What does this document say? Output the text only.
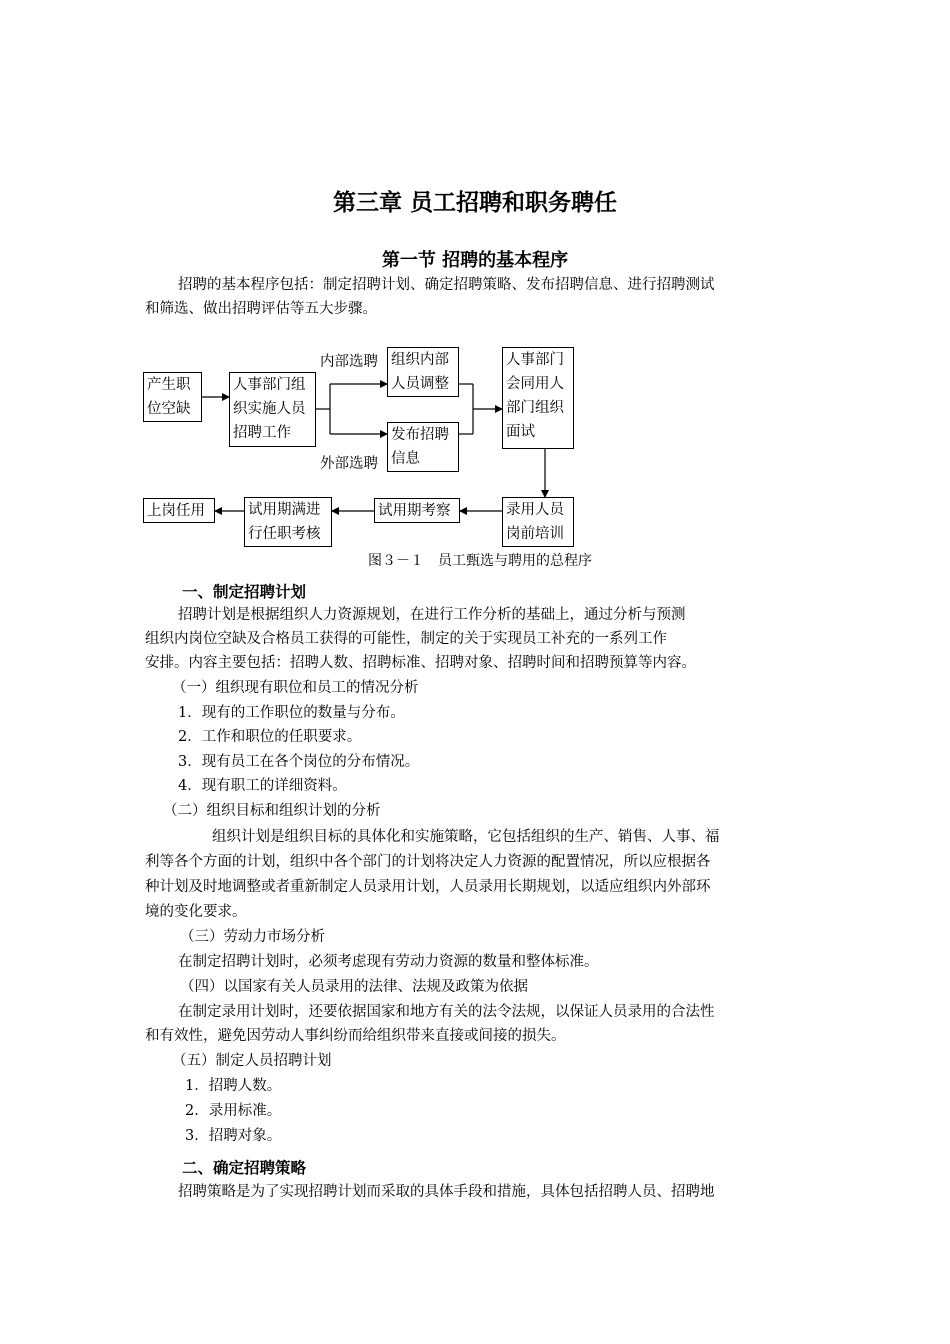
第三章 员工招聘和职务聘任
第一节 招聘的基本程序
招聘的基本程序包括：制定招聘计划、确定招聘策略、发布招聘信息、进行招聘测试
和筛选、做出招聘评估等五大步骤。
产生职
位空缺
人事部门组
织实施人员
招聘工作
组织内部
人员调整
发布招聘
信息
人事部门
会同用人
部门组织
面试
录用人员
岗前培训
试用期考察
试用期满进
行任职考核
上岗任用
内部选聘
外部选聘
图３－１　员工甄选与聘用的总程序
一、制定招聘计划
招聘计划是根据组织人力资源规划，在进行工作分析的基础上，通过分析与预测
组织内岗位空缺及合格员工获得的可能性，制定的关于实现员工补充的一系列工作
安排。内容主要包括：招聘人数、招聘标准、招聘对象、招聘时间和招聘预算等内容。
（一）组织现有职位和员工的情况分析
1．现有的工作职位的数量与分布。
2．工作和职位的任职要求。
3．现有员工在各个岗位的分布情况。
4．现有职工的详细资料。
（二）组织目标和组织计划的分析
组织计划是组织目标的具体化和实施策略，它包括组织的生产、销售、人事、福
利等各个方面的计划，组织中各个部门的计划将决定人力资源的配置情况，所以应根据各
种计划及时地调整或者重新制定人员录用计划，人员录用长期规划，以适应组织内外部环
境的变化要求。
（三）劳动力市场分析
在制定招聘计划时，必须考虑现有劳动力资源的数量和整体标准。
（四）以国家有关人员录用的法律、法规及政策为依据
在制定录用计划时，还要依据国家和地方有关的法令法规，以保证人员录用的合法性
和有效性，避免因劳动人事纠纷而给组织带来直接或间接的损失。
（五）制定人员招聘计划
1．招聘人数。
2．录用标准。
3．招聘对象。
二、确定招聘策略
招聘策略是为了实现招聘计划而采取的具体手段和措施，具体包括招聘人员、招聘地
